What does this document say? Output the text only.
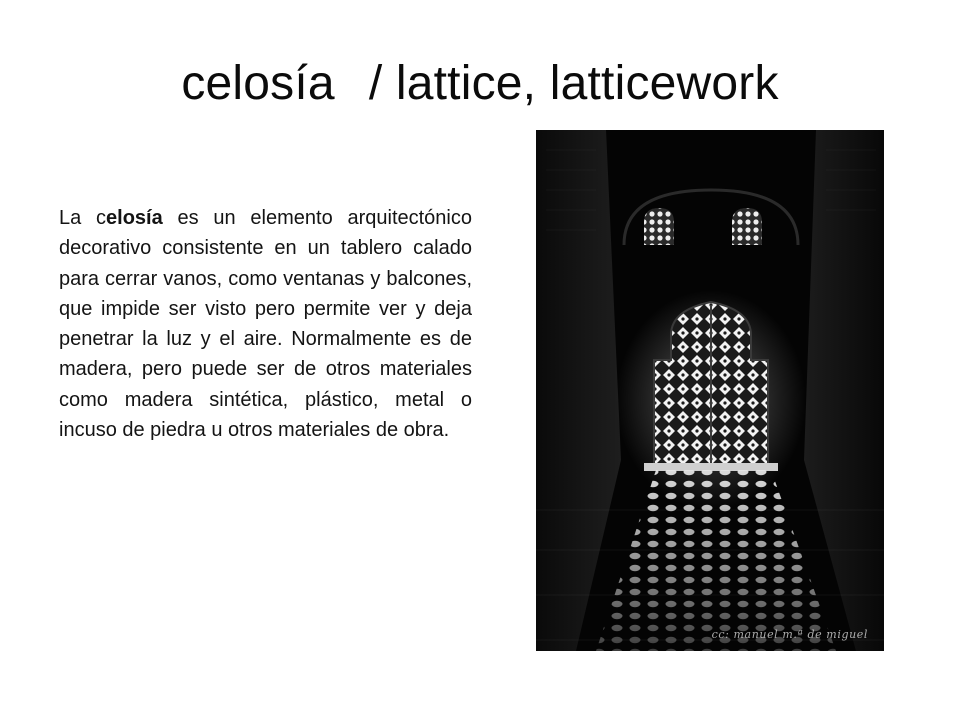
celosía / lattice, latticework
La celosía es un elemento arquitectónico decorativo consistente en un tablero calado para cerrar vanos, como ventanas y balcones, que impide ser visto pero permite ver y deja penetrar la luz y el aire. Normalmente es de madera, pero puede ser de otros materiales como madera sintética, plástico, metal o incuso de piedra u otros materiales de obra.
cc: manuel m.ª de miguel
